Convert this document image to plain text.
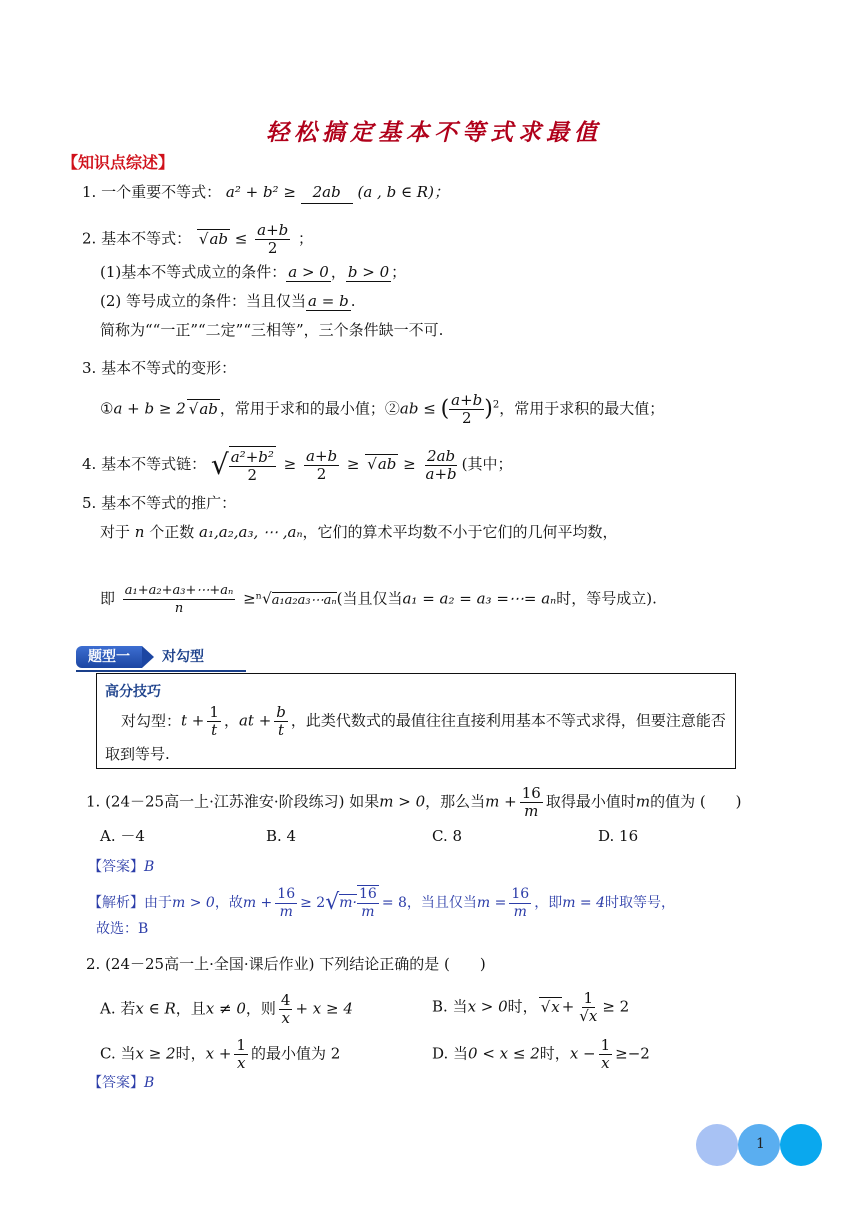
轻松搞定基本不等式求最值
【知识点综述】
1. 一个重要不等式： a² + b² ≥ 2ab (a , b ∈ R)；
2. 基本不等式： √ ab ≤ $\frac{a+b}{2}$ ；
(1)基本不等式成立的条件： a > 0 ， b > 0 ；
(2) 等号成立的条件：当且仅当 a = b .
简称为““一正”“二定”“三相等”，三个条件缺一不可.
3. 基本不等式的变形：
①a + b ≥ 2 √ ab ，常用于求和的最小值；②ab ≤ ( $\frac{a+b}{2} )^2$，常用于求积的最大值；
4. 基本不等式链： √ $\frac{\text{a²+b²}}{2} \ge \frac{a+b}{2}$ ≥ √ ab ≥ $\frac{2ab}{a+b}$ (其中；
5. 基本不等式的推广：
对于 n 个正数 a₁,a₂,a₃, ⋯ ,aₙ，它们的算术平均数不小于它们的几何平均数，
即 $\frac{\text{a₁+a₂+a₃+⋯+aₙ}}{n}$ ≥ⁿ√a₁a₂a₃⋯aₙ(当且仅当a₁ = a₂ = a₃ =⋯= aₙ时，等号成立).
题型一	对勾型
高分技巧
对勾型：$t + \frac{1}{t}$ ，at + $\frac{b}{t}$ ，此类代数式的最值往往直接利用基本不等式求得，但要注意能否取到等号.
1. (24－25高一上·江苏淮安·阶段练习) 如果m > 0，那么当$m + \frac{16}{m}$ 取得最小值时m的值为 (　　)
A. －4	B. 4	C. 8	D. 16
【答案】B
【解析】由于m > 0，故$m + \frac{16}{m} \ge 2√m\cdot \frac{16}{m} = 8$，当且仅当$m = \frac{16}{m}$ ，即m = 4时取等号，
故选：B
2. (24－25高一上·全国·课后作业) 下列结论正确的是 (　　)
A. 若x ∈ R，且x ≠ 0，则 $\frac{4}{x} + x \ge 4$	B. 当x > 0时， √ $x + \frac{1}{√x} \ge 2$
C. 当x ≥ 2时，$x + \frac{1}{x}$ 的最小值为 2	D. 当0 < x ≤ 2时，$x - \frac{1}{x} \ge-2$
【答案】B
1
